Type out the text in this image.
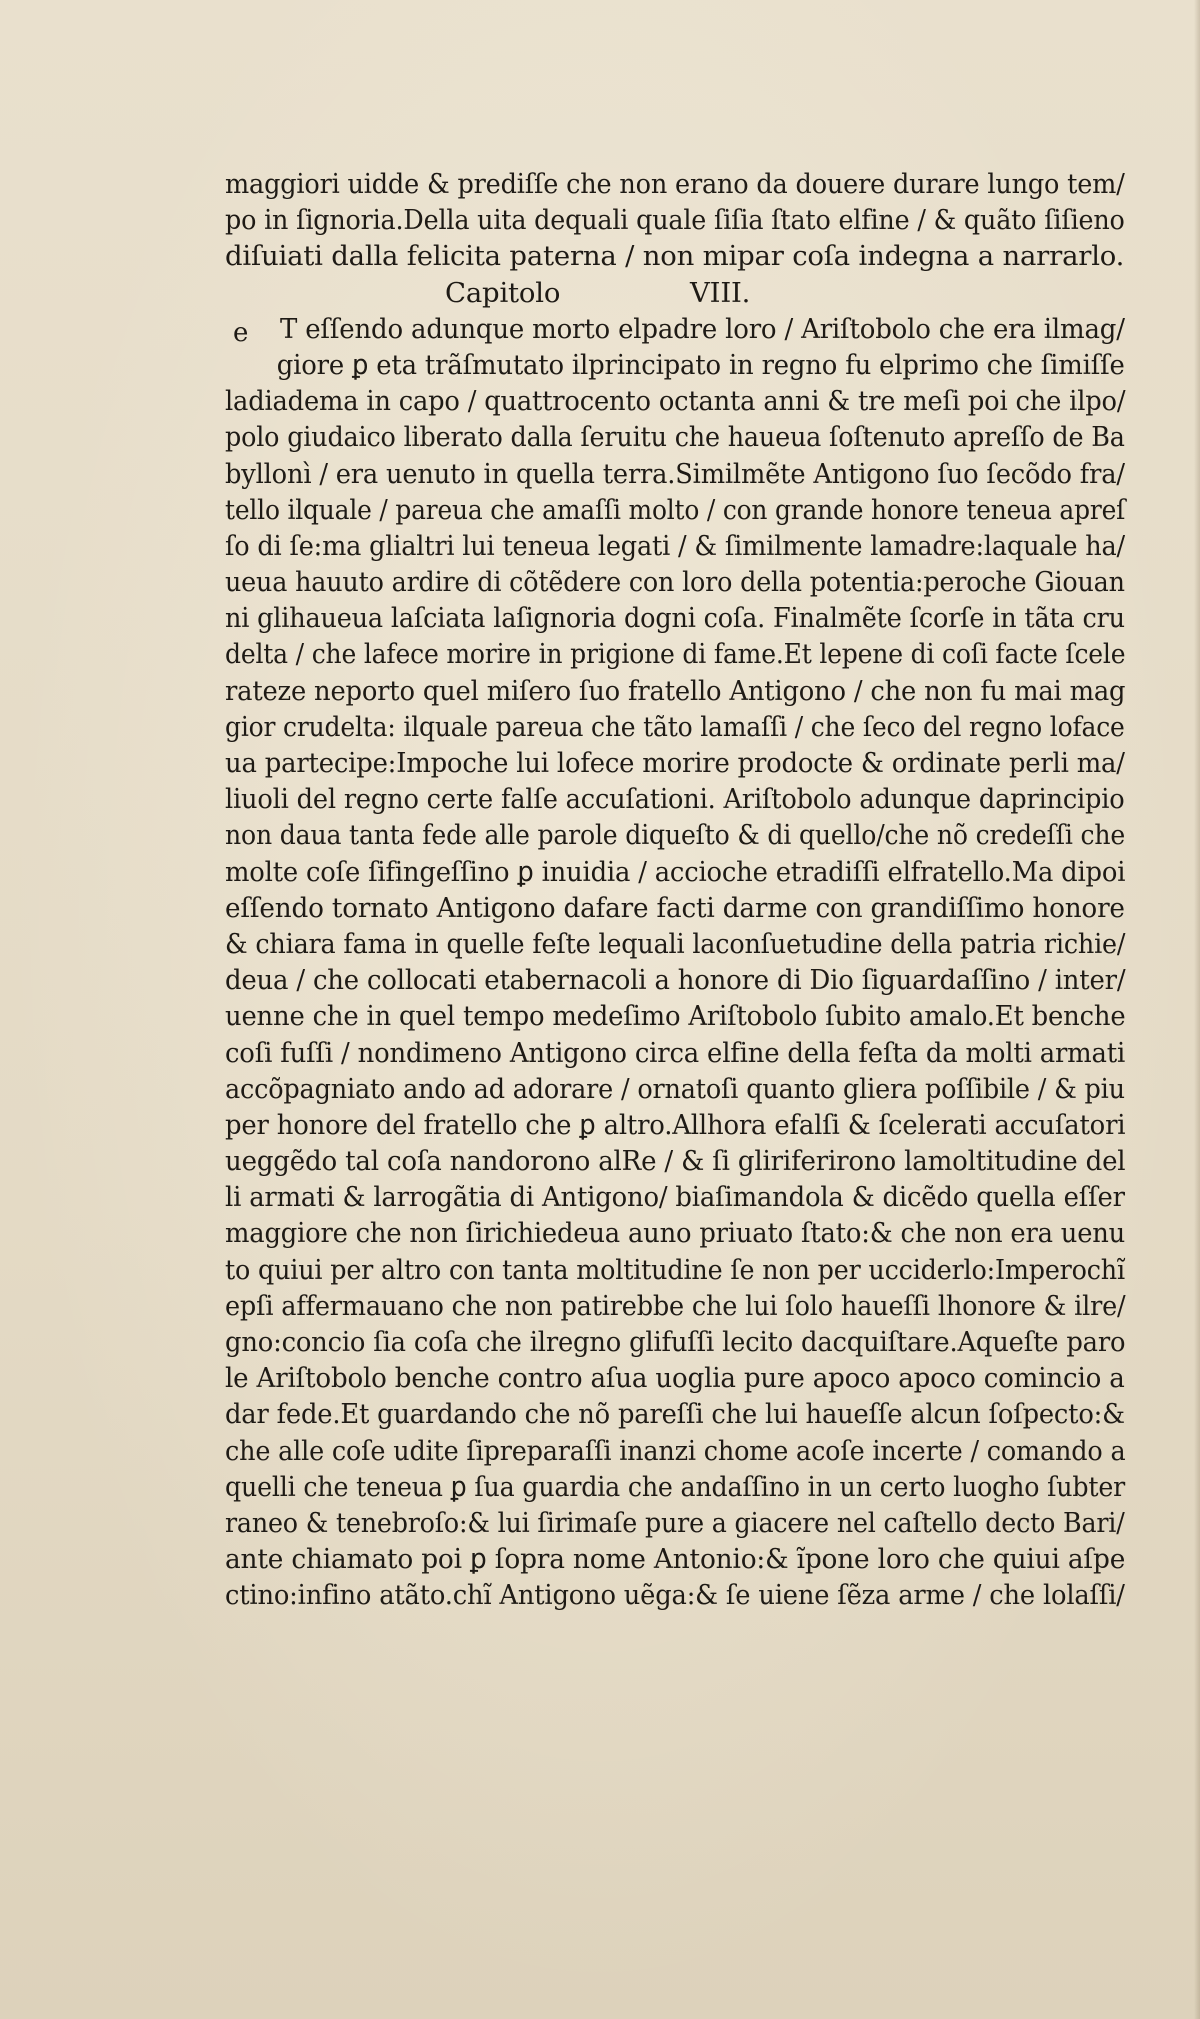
maggiori uidde & prediſſe che non erano da douere durare lungo tem/
po in ſignoria.Della uita dequali quale ſiſia ſtato elfine / & quãto ſiſieno
diſuiati dalla felicita paterna / non mipar coſa indegna a narrarlo.
Capitolo	VIII.
e T eſſendo adunque morto elpadre loro / Ariſtobolo che era ilmag/
giore ꝑ eta trãſmutato ilprincipato in regno fu elprimo che ſimiſſe
ladiadema in capo / quattrocento octanta anni & tre meſi poi che ilpo/
polo giudaico liberato dalla ſeruitu che haueua ſoſtenuto apreſſo de Ba
byllonì / era uenuto in quella terra.Similmẽte Antigono ſuo ſecõdo fra/
tello ilquale / pareua che amaſſi molto / con grande honore teneua apreſ
ſo di ſe:ma glialtri lui teneua legati / & ſimilmente lamadre:laquale ha/
ueua hauuto ardire di cõtẽdere con loro della potentia:peroche Giouan
ni glihaueua laſciata laſignoria dogni coſa. Finalmẽte ſcorſe in tãta cru
delta / che lafece morire in prigione di fame.Et lepene di coſi facte ſcele
rateze neporto quel miſero ſuo fratello Antigono / che non fu mai mag
gior crudelta: ilquale pareua che tãto lamaſſi / che ſeco del regno loface
ua partecipe:Impoche lui lofece morire prodocte & ordinate perli ma/
liuoli del regno certe falſe accuſationi. Ariſtobolo adunque daprincipio
non daua tanta fede alle parole diqueſto & di quello/che nõ credeſſi che
molte coſe ſifingeſſino ꝑ inuidia / accioche etradiſſi elfratello.Ma dipoi
eſſendo tornato Antigono dafare facti darme con grandiſſimo honore
& chiara fama in quelle feſte lequali laconſuetudine della patria richie/
deua / che collocati etabernacoli a honore di Dio ſiguardaſſino / inter/
uenne che in quel tempo medeſimo Ariſtobolo ſubito amalo.Et benche
coſi fuſſi / nondimeno Antigono circa elfine della feſta da molti armati
accõpagniato ando ad adorare / ornatoſi quanto gliera poſſibile / & piu
per honore del fratello che ꝑ altro.Allhora efalſi & ſcelerati accuſatori
ueggẽdo tal coſa nandorono alRe / & ſi gliriferirono lamoltitudine del
li armati & larrogãtia di Antigono/ biaſimandola & dicẽdo quella eſſer
maggiore che non ſirichiedeua auno priuato ſtato:& che non era uenu
to quiui per altro con tanta moltitudine ſe non per ucciderlo:Imperochĩ
epſi affermauano che non patirebbe che lui ſolo haueſſi lhonore & ilre/
gno:concio ſia coſa che ilregno glifuſſi lecito dacquiſtare.Aqueſte paro
le Ariſtobolo benche contro aſua uoglia pure apoco apoco comincio a
dar fede.Et guardando che nõ pareſſi che lui haueſſe alcun ſoſpecto:&
che alle coſe udite ſipreparaſſi inanzi chome acoſe incerte / comando a
quelli che teneua ꝑ ſua guardia che andaſſino in un certo luogho ſubter
raneo & tenebroſo:& lui ſirimaſe pure a giacere nel caſtello decto Bari/
ante chiamato poi ꝑ ſopra nome Antonio:& ĩpone loro che quiui aſpe
ctino:infino atãto.chĩ Antigono uẽga:& ſe uiene ſẽza arme / che lolaſſi/
